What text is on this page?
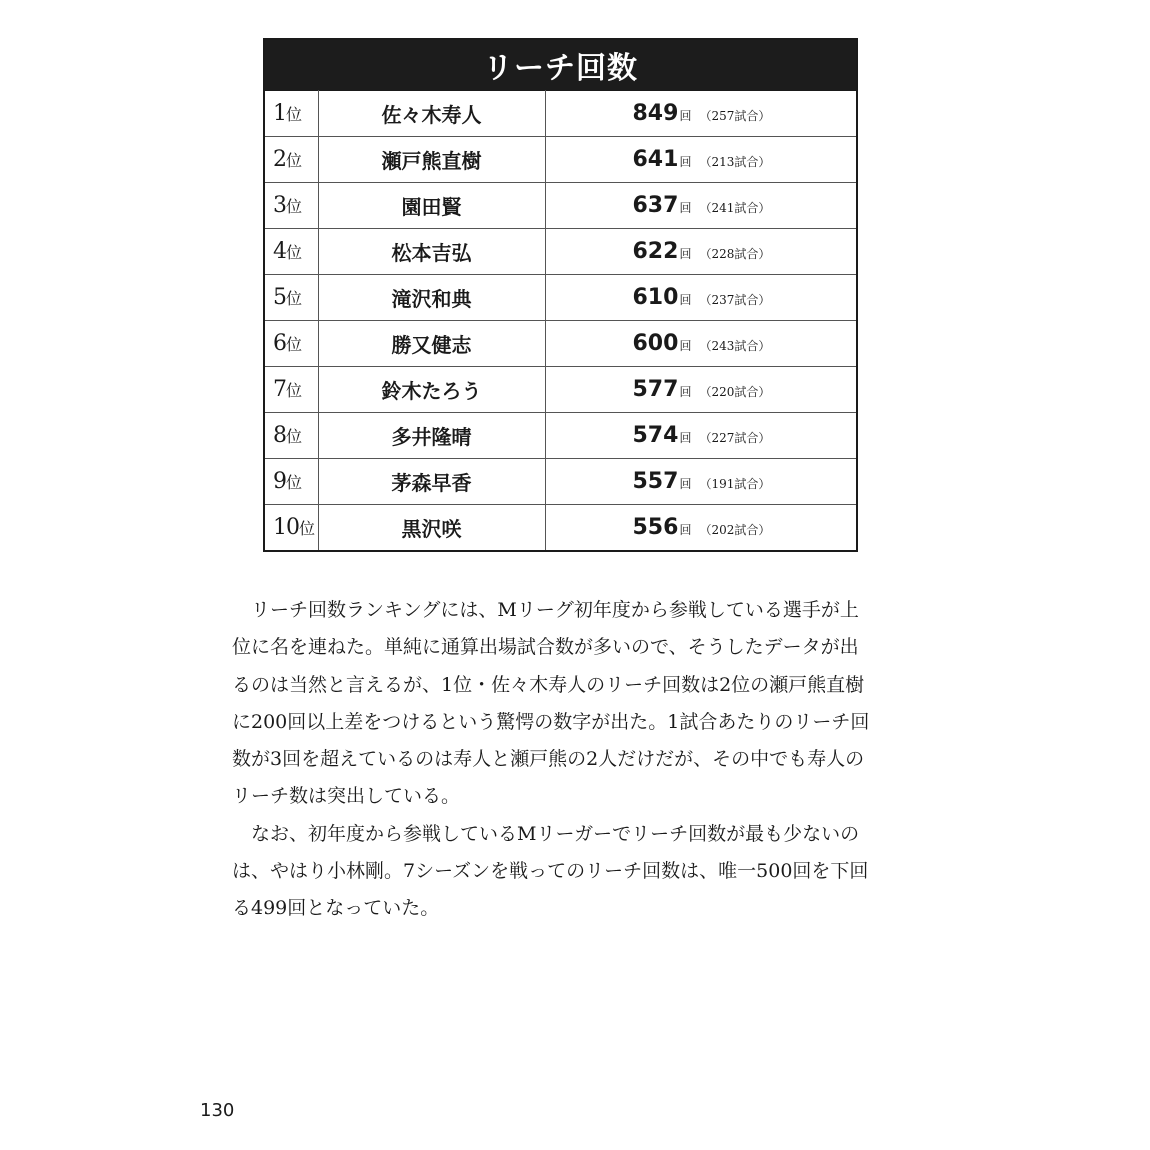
リーチ回数
1位	佐々木寿人	849回 （257試合）
2位	瀬戸熊直樹	641回 （213試合）
3位	園田賢	637回 （241試合）
4位	松本吉弘	622回 （228試合）
5位	滝沢和典	610回 （237試合）
6位	勝又健志	600回 （243試合）
7位	鈴木たろう	577回 （220試合）
8位	多井隆晴	574回 （227試合）
9位	茅森早香	557回 （191試合）
10位	黒沢咲	556回 （202試合）

リーチ回数ランキングには、Mリーグ初年度から参戦している選手が上
位に名を連ねた。単純に通算出場試合数が多いので、そうしたデータが出
るのは当然と言えるが、1位・佐々木寿人のリーチ回数は2位の瀬戸熊直樹
に200回以上差をつけるという驚愕の数字が出た。1試合あたりのリーチ回
数が3回を超えているのは寿人と瀬戸熊の2人だけだが、その中でも寿人の
リーチ数は突出している。

なお、初年度から参戦しているMリーガーでリーチ回数が最も少ないの
は、やはり小林剛。7シーズンを戦ってのリーチ回数は、唯一500回を下回
る499回となっていた。

130
